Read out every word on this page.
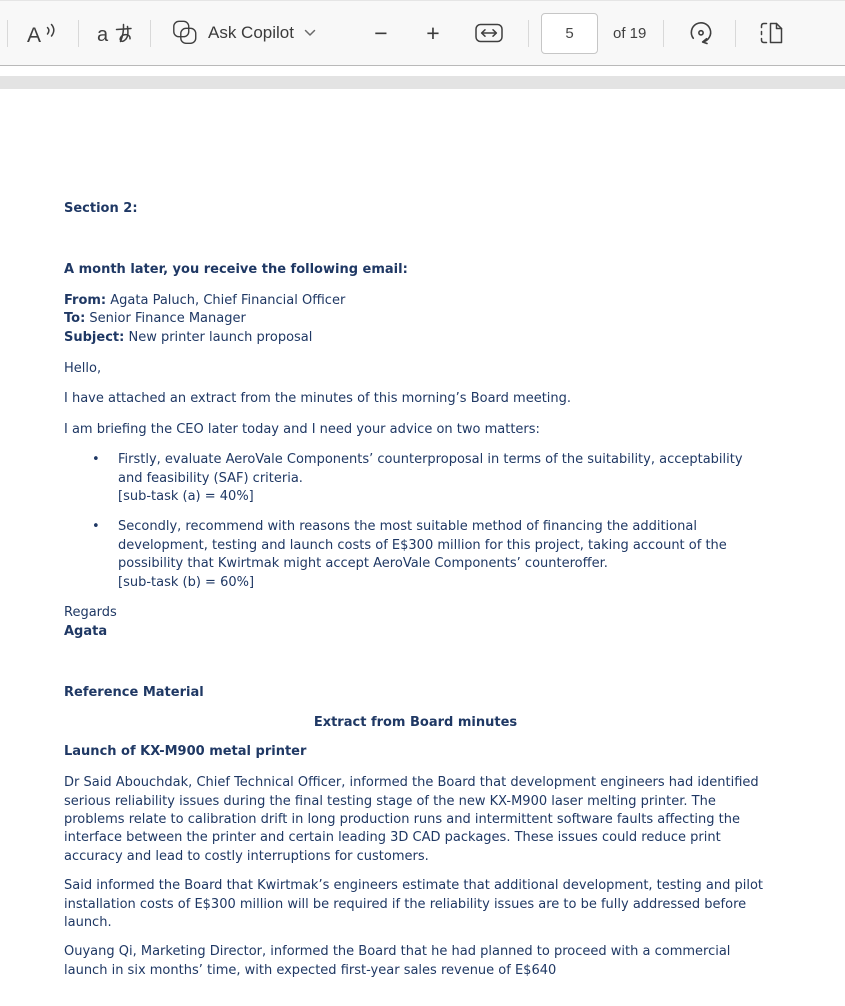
A	a	Ask Copilot	− +
5	of 19

Section 2:

A month later, you receive the following email:

From: Agata Paluch, Chief Financial Officer
To: Senior Finance Manager
Subject: New printer launch proposal

Hello,

I have attached an extract from the minutes of this morning’s Board meeting.

I am briefing the CEO later today and I need your advice on two matters:

• Firstly, evaluate AeroVale Components’ counterproposal in terms of the suitability, acceptability and feasibility (SAF) criteria.
[sub-task (a) = 40%]
• Secondly, recommend with reasons the most suitable method of financing the additional development, testing and launch costs of E$300 million for this project, taking account of the possibility that Kwirtmak might accept AeroVale Components’ counteroffer.
[sub-task (b) = 60%]

Regards
Agata

Reference Material

Extract from Board minutes

Launch of KX-M900 metal printer

Dr Said Abouchdak, Chief Technical Officer, informed the Board that development engineers had identified serious reliability issues during the final testing stage of the new KX-M900 laser melting printer. The problems relate to calibration drift in long production runs and intermittent software faults affecting the interface between the printer and certain leading 3D CAD packages. These issues could reduce print accuracy and lead to costly interruptions for customers.

Said informed the Board that Kwirtmak’s engineers estimate that additional development, testing and pilot installation costs of E$300 million will be required if the reliability issues are to be fully addressed before launch.

Ouyang Qi, Marketing Director, informed the Board that he had planned to proceed with a commercial launch in six months’ time, with expected first-year sales revenue of E$640
